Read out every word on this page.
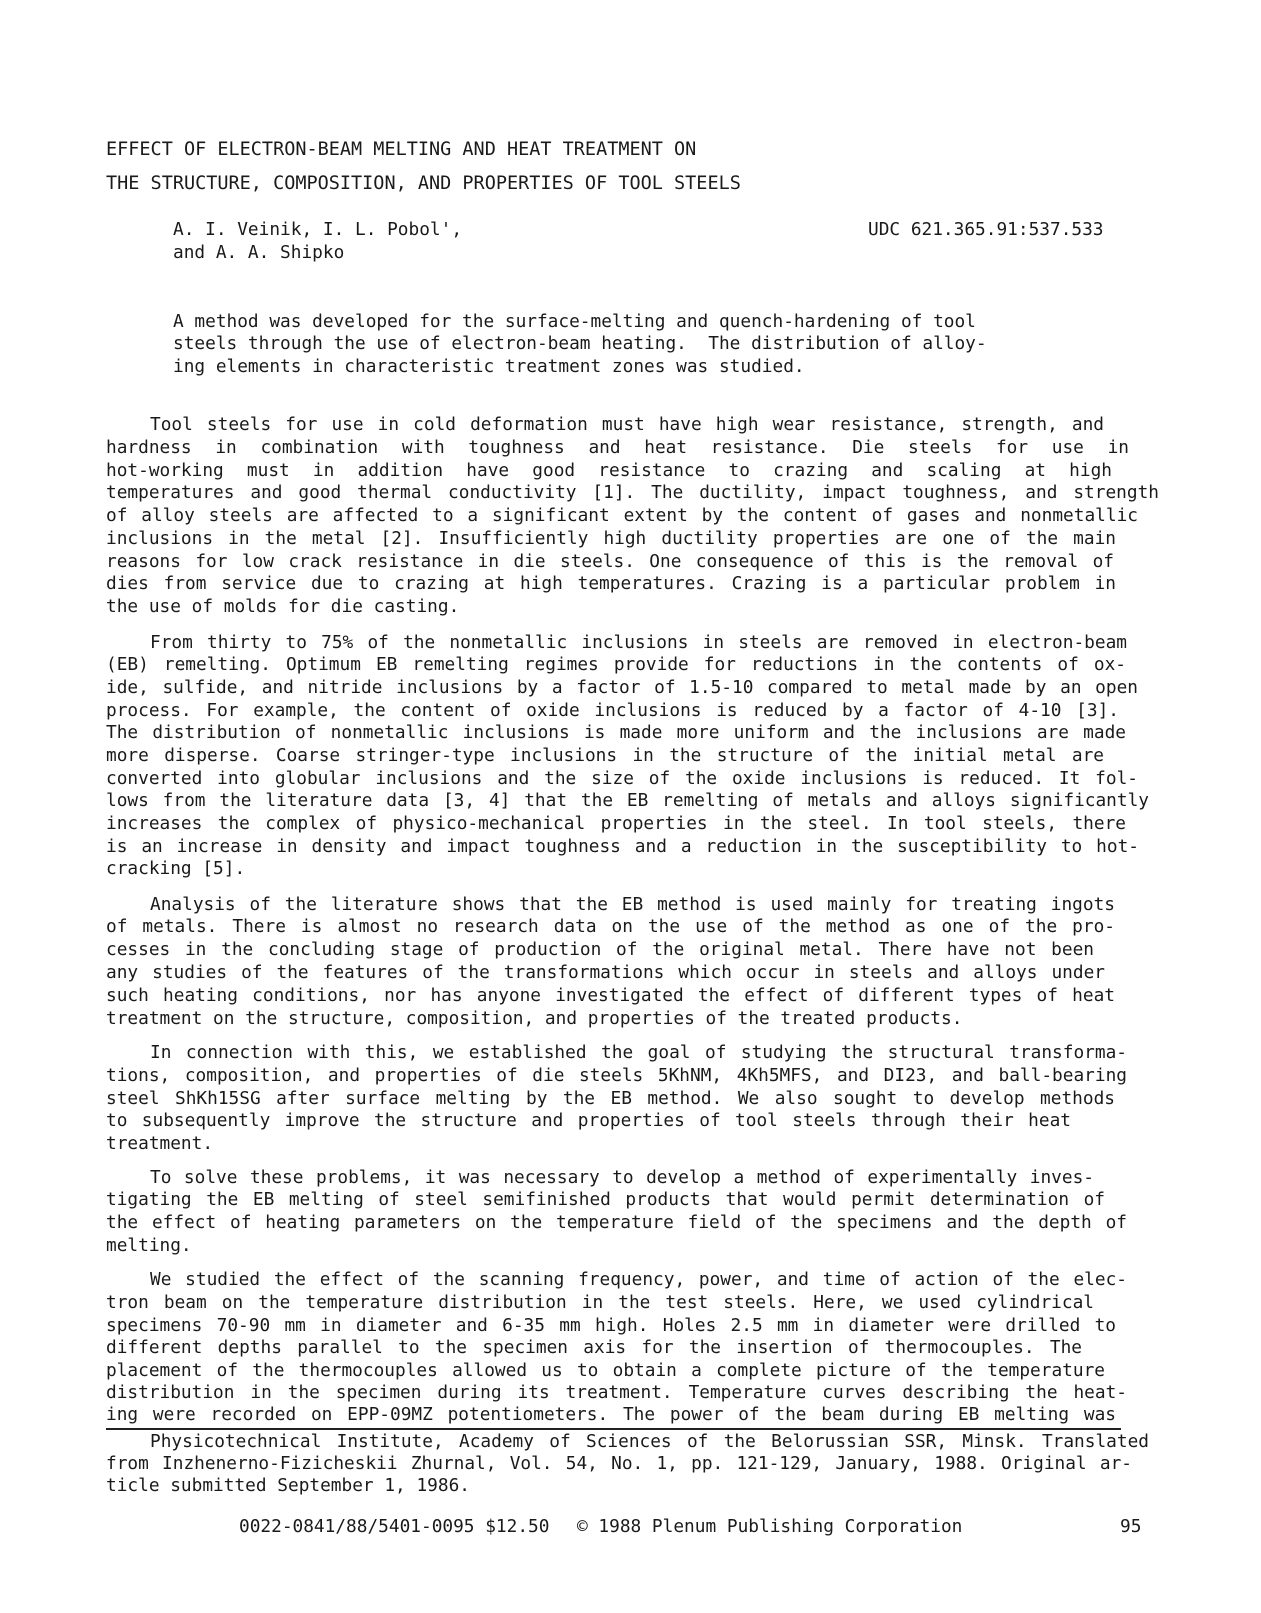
EFFECT OF ELECTRON-BEAM MELTING AND HEAT TREATMENT ON
THE STRUCTURE, COMPOSITION, AND PROPERTIES OF TOOL STEELS
A. I. Veinik, I. L. Pobol',
and A. A. Shipko
UDC 621.365.91:537.533
A method was developed for the surface-melting and quench-hardening of tool
steels through the use of electron-beam heating.  The distribution of alloy-
ing elements in characteristic treatment zones was studied.
Tool steels for use in cold deformation must have high wear resistance, strength, and
hardness in combination with toughness and heat resistance. Die steels for use in
hot-working must in addition have good resistance to crazing and scaling at high
temperatures and good thermal conductivity [1]. The ductility, impact toughness, and strength
of alloy steels are affected to a significant extent by the content of gases and nonmetallic
inclusions in the metal [2]. Insufficiently high ductility properties are one of the main
reasons for low crack resistance in die steels. One consequence of this is the removal of
dies from service due to crazing at high temperatures. Crazing is a particular problem in
the use of molds for die casting.
From thirty to 75% of the nonmetallic inclusions in steels are removed in electron-beam
(EB) remelting. Optimum EB remelting regimes provide for reductions in the contents of ox-
ide, sulfide, and nitride inclusions by a factor of 1.5-10 compared to metal made by an open
process. For example, the content of oxide inclusions is reduced by a factor of 4-10 [3].
The distribution of nonmetallic inclusions is made more uniform and the inclusions are made
more disperse. Coarse stringer-type inclusions in the structure of the initial metal are
converted into globular inclusions and the size of the oxide inclusions is reduced. It fol-
lows from the literature data [3, 4] that the EB remelting of metals and alloys significantly
increases the complex of physico-mechanical properties in the steel. In tool steels, there
is an increase in density and impact toughness and a reduction in the susceptibility to hot-
cracking [5].
Analysis of the literature shows that the EB method is used mainly for treating ingots
of metals. There is almost no research data on the use of the method as one of the pro-
cesses in the concluding stage of production of the original metal. There have not been
any studies of the features of the transformations which occur in steels and alloys under
such heating conditions, nor has anyone investigated the effect of different types of heat
treatment on the structure, composition, and properties of the treated products.
In connection with this, we established the goal of studying the structural transforma-
tions, composition, and properties of die steels 5KhNM, 4Kh5MFS, and DI23, and ball-bearing
steel ShKh15SG after surface melting by the EB method. We also sought to develop methods
to subsequently improve the structure and properties of tool steels through their heat
treatment.
To solve these problems, it was necessary to develop a method of experimentally inves-
tigating the EB melting of steel semifinished products that would permit determination of
the effect of heating parameters on the temperature field of the specimens and the depth of
melting.
We studied the effect of the scanning frequency, power, and time of action of the elec-
tron beam on the temperature distribution in the test steels. Here, we used cylindrical
specimens 70-90 mm in diameter and 6-35 mm high. Holes 2.5 mm in diameter were drilled to
different depths parallel to the specimen axis for the insertion of thermocouples. The
placement of the thermocouples allowed us to obtain a complete picture of the temperature
distribution in the specimen during its treatment. Temperature curves describing the heat-
ing were recorded on EPP-09MZ potentiometers. The power of the beam during EB melting was
Physicotechnical Institute, Academy of Sciences of the Belorussian SSR, Minsk. Translated
from Inzhenerno-Fizicheskii Zhurnal, Vol. 54, No. 1, pp. 121-129, January, 1988. Original ar-
ticle submitted September 1, 1986.
0022-0841/88/5401-0095 $12.50 © 1988 Plenum Publishing Corporation	95
